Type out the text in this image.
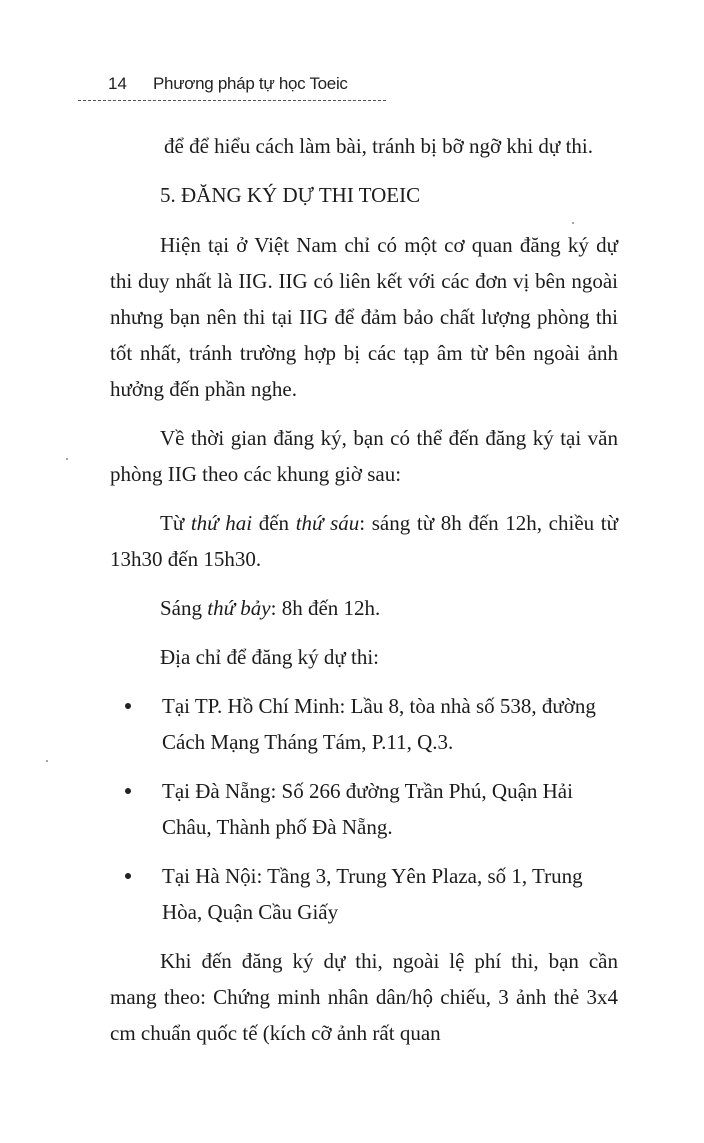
14 Phương pháp tự học Toeic

để để hiểu cách làm bài, tránh bị bỡ ngỡ khi dự thi.

5. ĐĂNG KÝ DỰ THI TOEIC

Hiện tại ở Việt Nam chỉ có một cơ quan đăng ký dự thi duy nhất là IIG. IIG có liên kết với các đơn vị bên ngoài nhưng bạn nên thi tại IIG để đảm bảo chất lượng phòng thi tốt nhất, tránh trường hợp bị các tạp âm từ bên ngoài ảnh hưởng đến phần nghe.

Về thời gian đăng ký, bạn có thể đến đăng ký tại văn phòng IIG theo các khung giờ sau:

Từ thứ hai đến thứ sáu: sáng từ 8h đến 12h, chiều từ 13h30 đến 15h30.

Sáng thứ bảy: 8h đến 12h.

Địa chỉ để đăng ký dự thi:

Tại TP. Hồ Chí Minh: Lầu 8, tòa nhà số 538, đường Cách Mạng Tháng Tám, P.11, Q.3.
Tại Đà Nẵng: Số 266 đường Trần Phú, Quận Hải Châu, Thành phố Đà Nẵng.
Tại Hà Nội: Tầng 3, Trung Yên Plaza, số 1, Trung Hòa, Quận Cầu Giấy

Khi đến đăng ký dự thi, ngoài lệ phí thi, bạn cần mang theo: Chứng minh nhân dân/hộ chiếu, 3 ảnh thẻ 3x4 cm chuẩn quốc tế (kích cỡ ảnh rất quan
